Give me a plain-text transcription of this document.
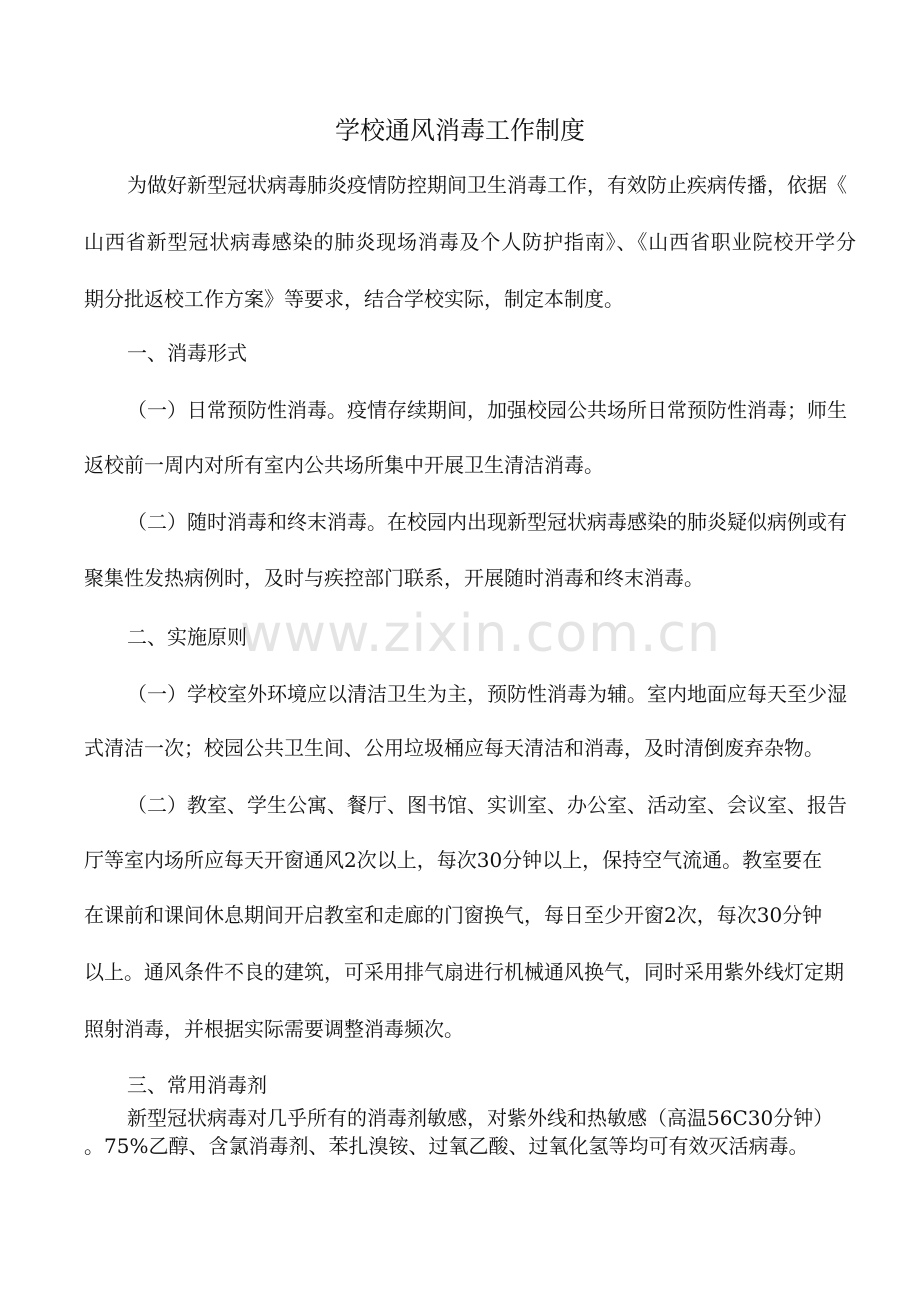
www.zixin.com.cn
学校通风消毒工作制度
为做好新型冠状病毒肺炎疫情防控期间卫生消毒工作，有效防止疾病传播，依据《
山西省新型冠状病毒感染的肺炎现场消毒及个人防护指南》、《山西省职业院校开学分
期分批返校工作方案》等要求，结合学校实际，制定本制度。
一、消毒形式
（一）日常预防性消毒。疫情存续期间，加强校园公共场所日常预防性消毒；师生
返校前一周内对所有室内公共场所集中开展卫生清洁消毒。
（二）随时消毒和终末消毒。在校园内出现新型冠状病毒感染的肺炎疑似病例或有
聚集性发热病例时，及时与疾控部门联系，开展随时消毒和终末消毒。
二、实施原则
（一）学校室外环境应以清洁卫生为主，预防性消毒为辅。室内地面应每天至少湿
式清洁一次；校园公共卫生间、公用垃圾桶应每天清洁和消毒，及时清倒废弃杂物。
（二）教室、学生公寓、餐厅、图书馆、实训室、办公室、活动室、会议室、报告
厅等室内场所应每天开窗通风2次以上，每次30分钟以上，保持空气流通。教室要在
在课前和课间休息期间开启教室和走廊的门窗换气，每日至少开窗2次，每次30分钟
以上。通风条件不良的建筑，可采用排气扇进行机械通风换气，同时采用紫外线灯定期
照射消毒，并根据实际需要调整消毒频次。
三、常用消毒剂
新型冠状病毒对几乎所有的消毒剂敏感，对紫外线和热敏感（高温56C30分钟）
。75%乙醇、含氯消毒剂、苯扎溴铵、过氧乙酸、过氧化氢等均可有效灭活病毒。
